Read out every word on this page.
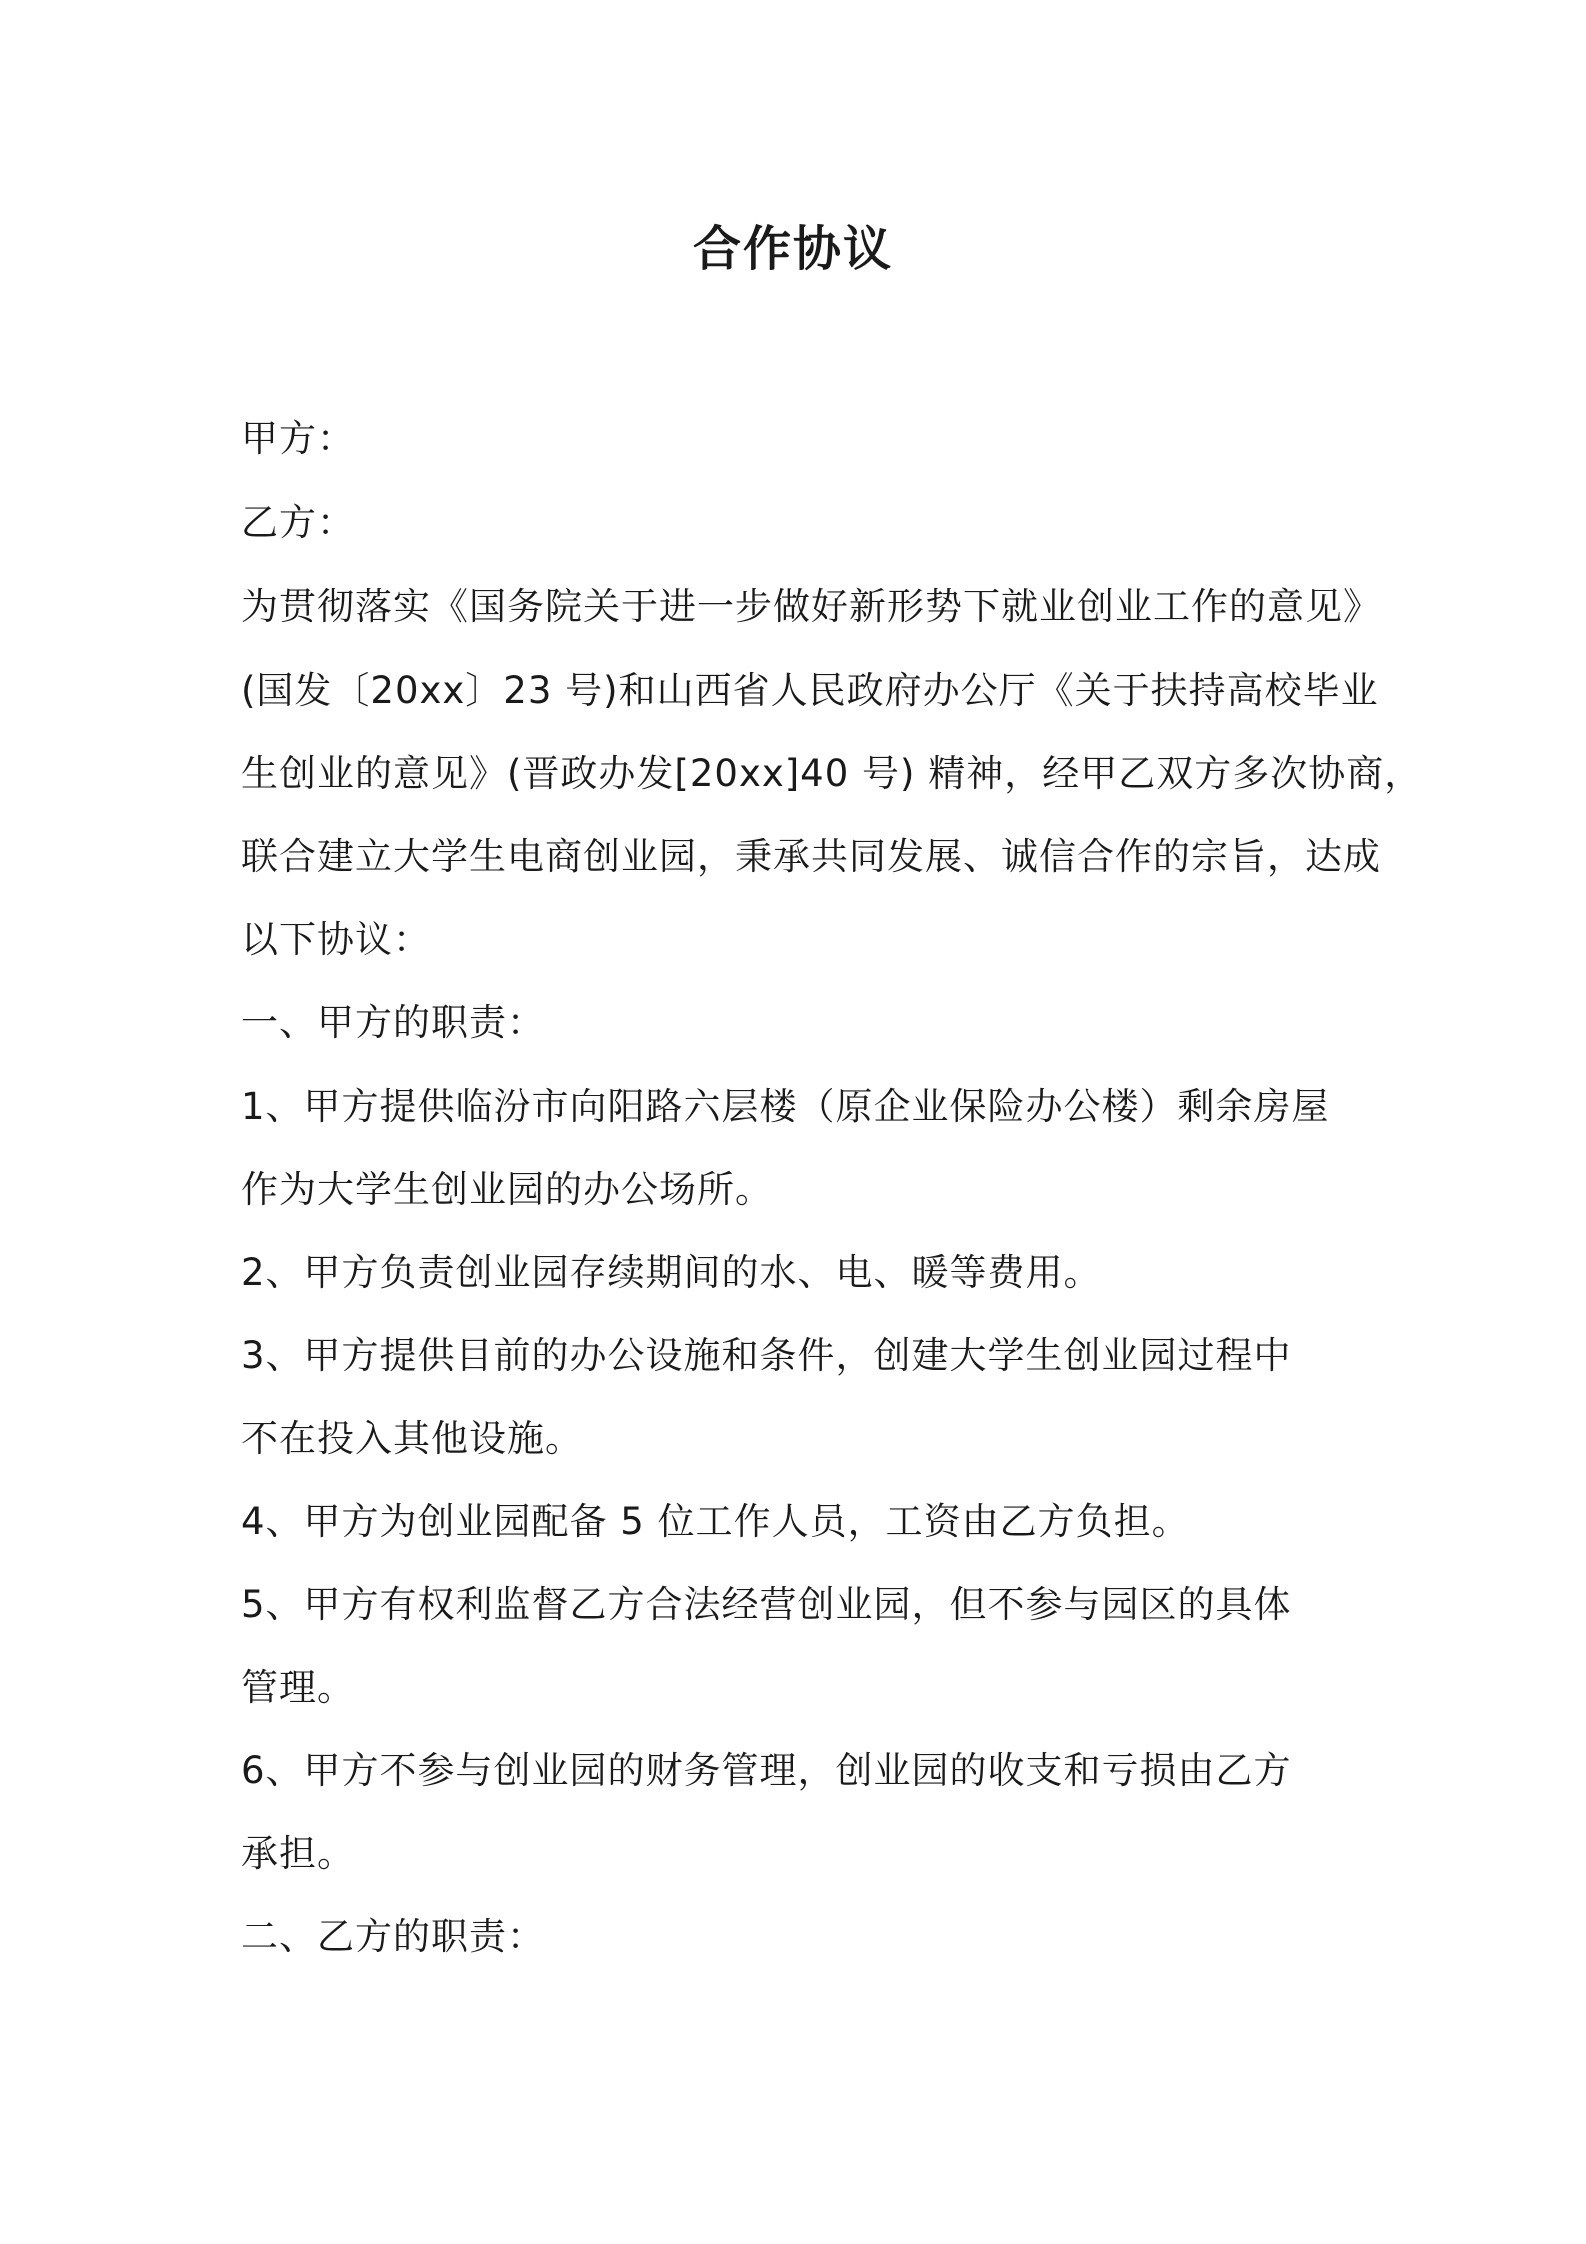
合作协议
甲方：
乙方：
为贯彻落实《国务院关于进一步做好新形势下就业创业工作的意见》
(国发〔20xx〕23 号)和山西省人民政府办公厅《关于扶持高校毕业
生创业的意见》(晋政办发[20xx]40 号) 精神，经甲乙双方多次协商，
联合建立大学生电商创业园，秉承共同发展、诚信合作的宗旨，达成
以下协议：
一、甲方的职责：
1、甲方提供临汾市向阳路六层楼（原企业保险办公楼）剩余房屋
作为大学生创业园的办公场所。
2、甲方负责创业园存续期间的水、电、暖等费用。
3、甲方提供目前的办公设施和条件，创建大学生创业园过程中
不在投入其他设施。
4、甲方为创业园配备 5 位工作人员，工资由乙方负担。
5、甲方有权利监督乙方合法经营创业园，但不参与园区的具体
管理。
6、甲方不参与创业园的财务管理，创业园的收支和亏损由乙方
承担。
二、乙方的职责：
